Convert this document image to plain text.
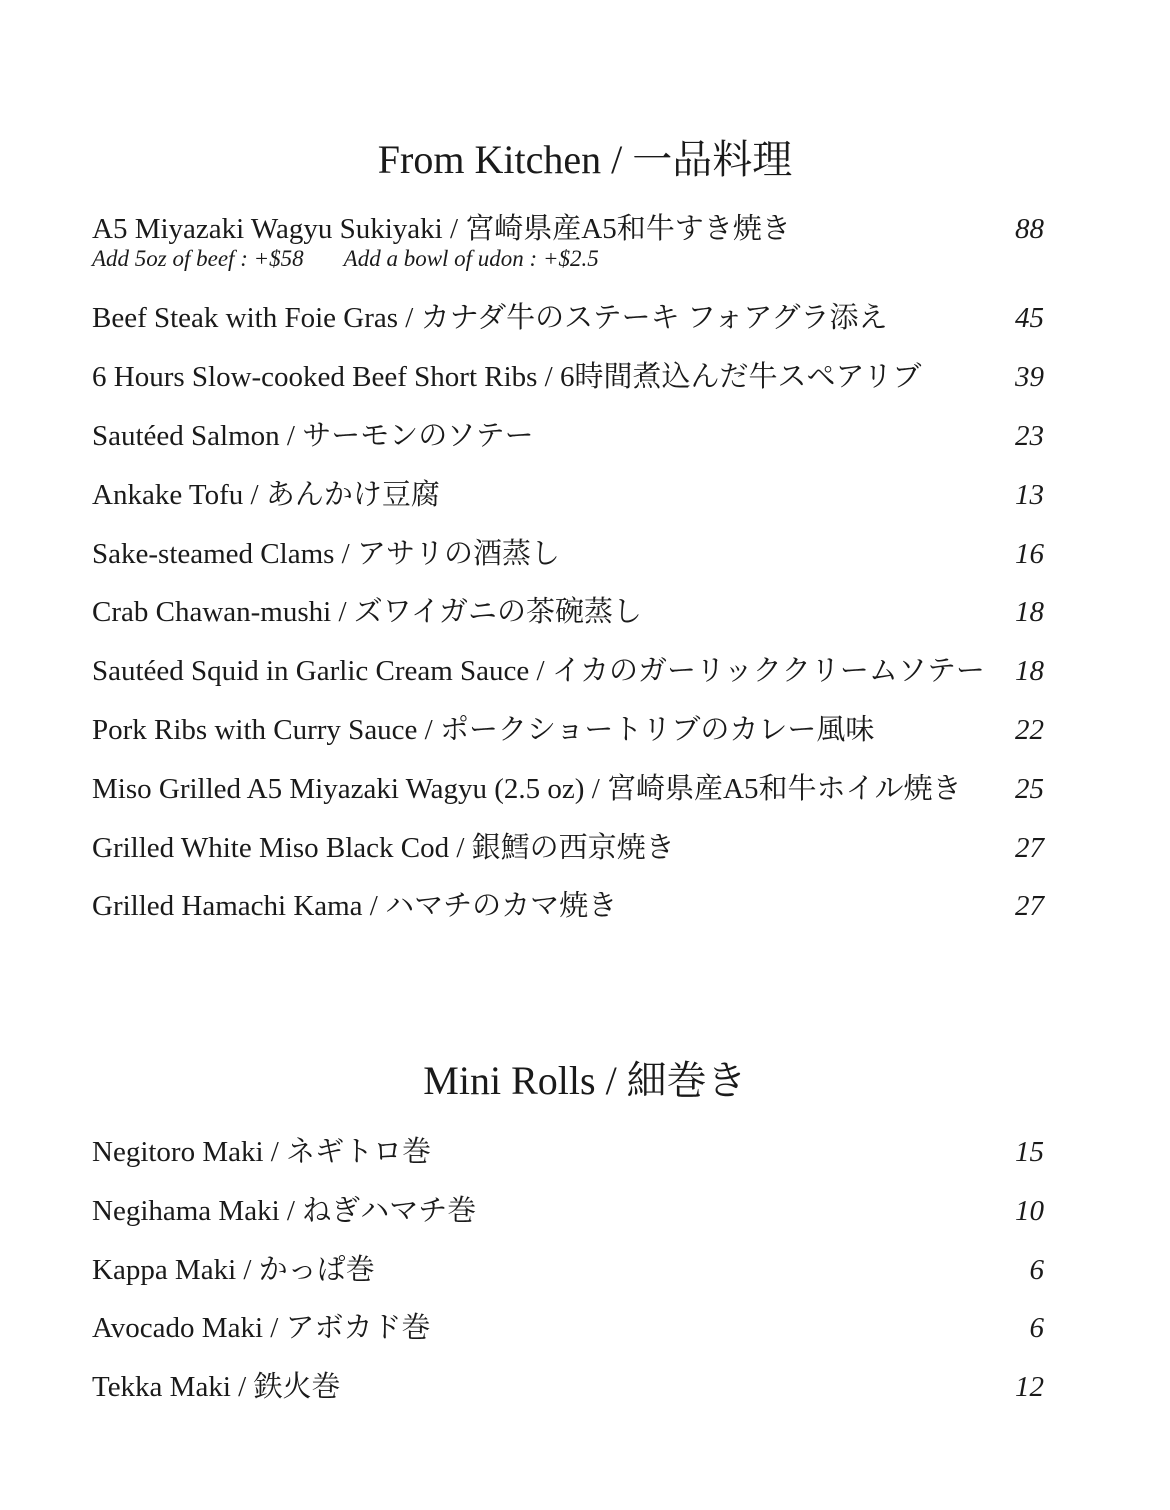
From Kitchen / 一品料理
A5 Miyazaki Wagyu Sukiyaki / 宮崎県産A5和牛すき焼き	88
Add 5oz of beef : +$58 Add a bowl of udon : +$2.5
Beef Steak with Foie Gras / カナダ牛のステーキ フォアグラ添え	45
6 Hours Slow-cooked Beef Short Ribs / 6時間煮込んだ牛スペアリブ	39
Sautéed Salmon / サーモンのソテー	23
Ankake Tofu / あんかけ豆腐	13
Sake-steamed Clams / アサリの酒蒸し	16
Crab Chawan-mushi / ズワイガニの茶碗蒸し	18
Sautéed Squid in Garlic Cream Sauce / イカのガーリッククリームソテー 18
Pork Ribs with Curry Sauce / ポークショートリブのカレー風味	22
Miso Grilled A5 Miyazaki Wagyu (2.5 oz) / 宮崎県産A5和牛ホイル焼き 25
Grilled White Miso Black Cod / 銀鱈の西京焼き	27
Grilled Hamachi Kama / ハマチのカマ焼き	27
Mini Rolls / 細巻き
Negitoro Maki / ネギトロ巻	15
Negihama Maki / ねぎハマチ巻	10
Kappa Maki / かっぱ巻	6
Avocado Maki / アボカド巻	6
Tekka Maki / 鉄火巻	12
